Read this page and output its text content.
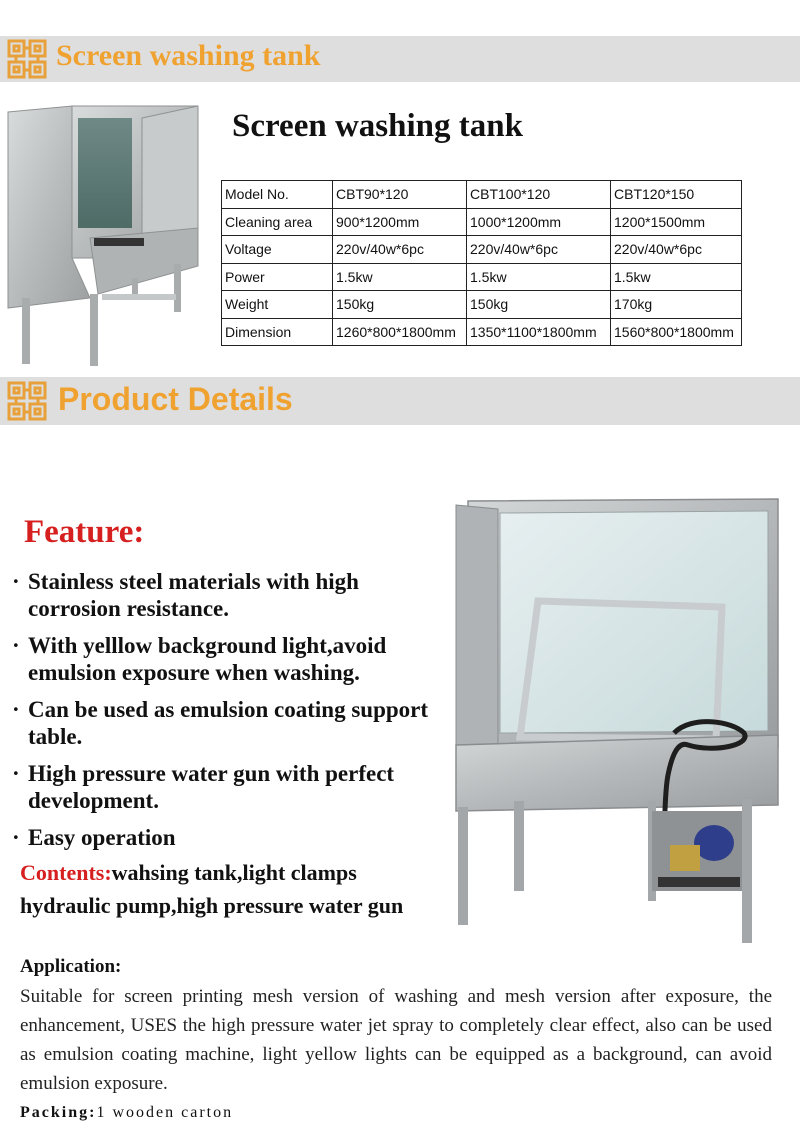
Screen washing tank
Screen washing tank
Model No.	CBT90*120	CBT100*120	CBT120*150
Cleaning area	900*1200mm	1000*1200mm	1200*1500mm
Voltage	220v/40w*6pc	220v/40w*6pc	220v/40w*6pc
Power	1.5kw	1.5kw	1.5kw
Weight	150kg	150kg	170kg
Dimension	1260*800*1800mm	1350*1100*1800mm	1560*800*1800mm
Product Details
Feature:
· Stainless steel materials with high corrosion resistance.
· With yelllow background light,avoid emulsion exposure when washing.
· Can be used as emulsion coating support table.
· High pressure water gun with perfect development.
· Easy operation
Contents:wahsing tank,light clamps
hydraulic pump,high pressure water gun
Application:
Suitable for screen printing mesh version of washing and mesh version after exposure, the enhancement, USES the high pressure water jet spray to completely clear effect, also can be used as emulsion coating machine, light yellow lights can be equipped as a background, can avoid emulsion exposure.
Packing:1 wooden carton
